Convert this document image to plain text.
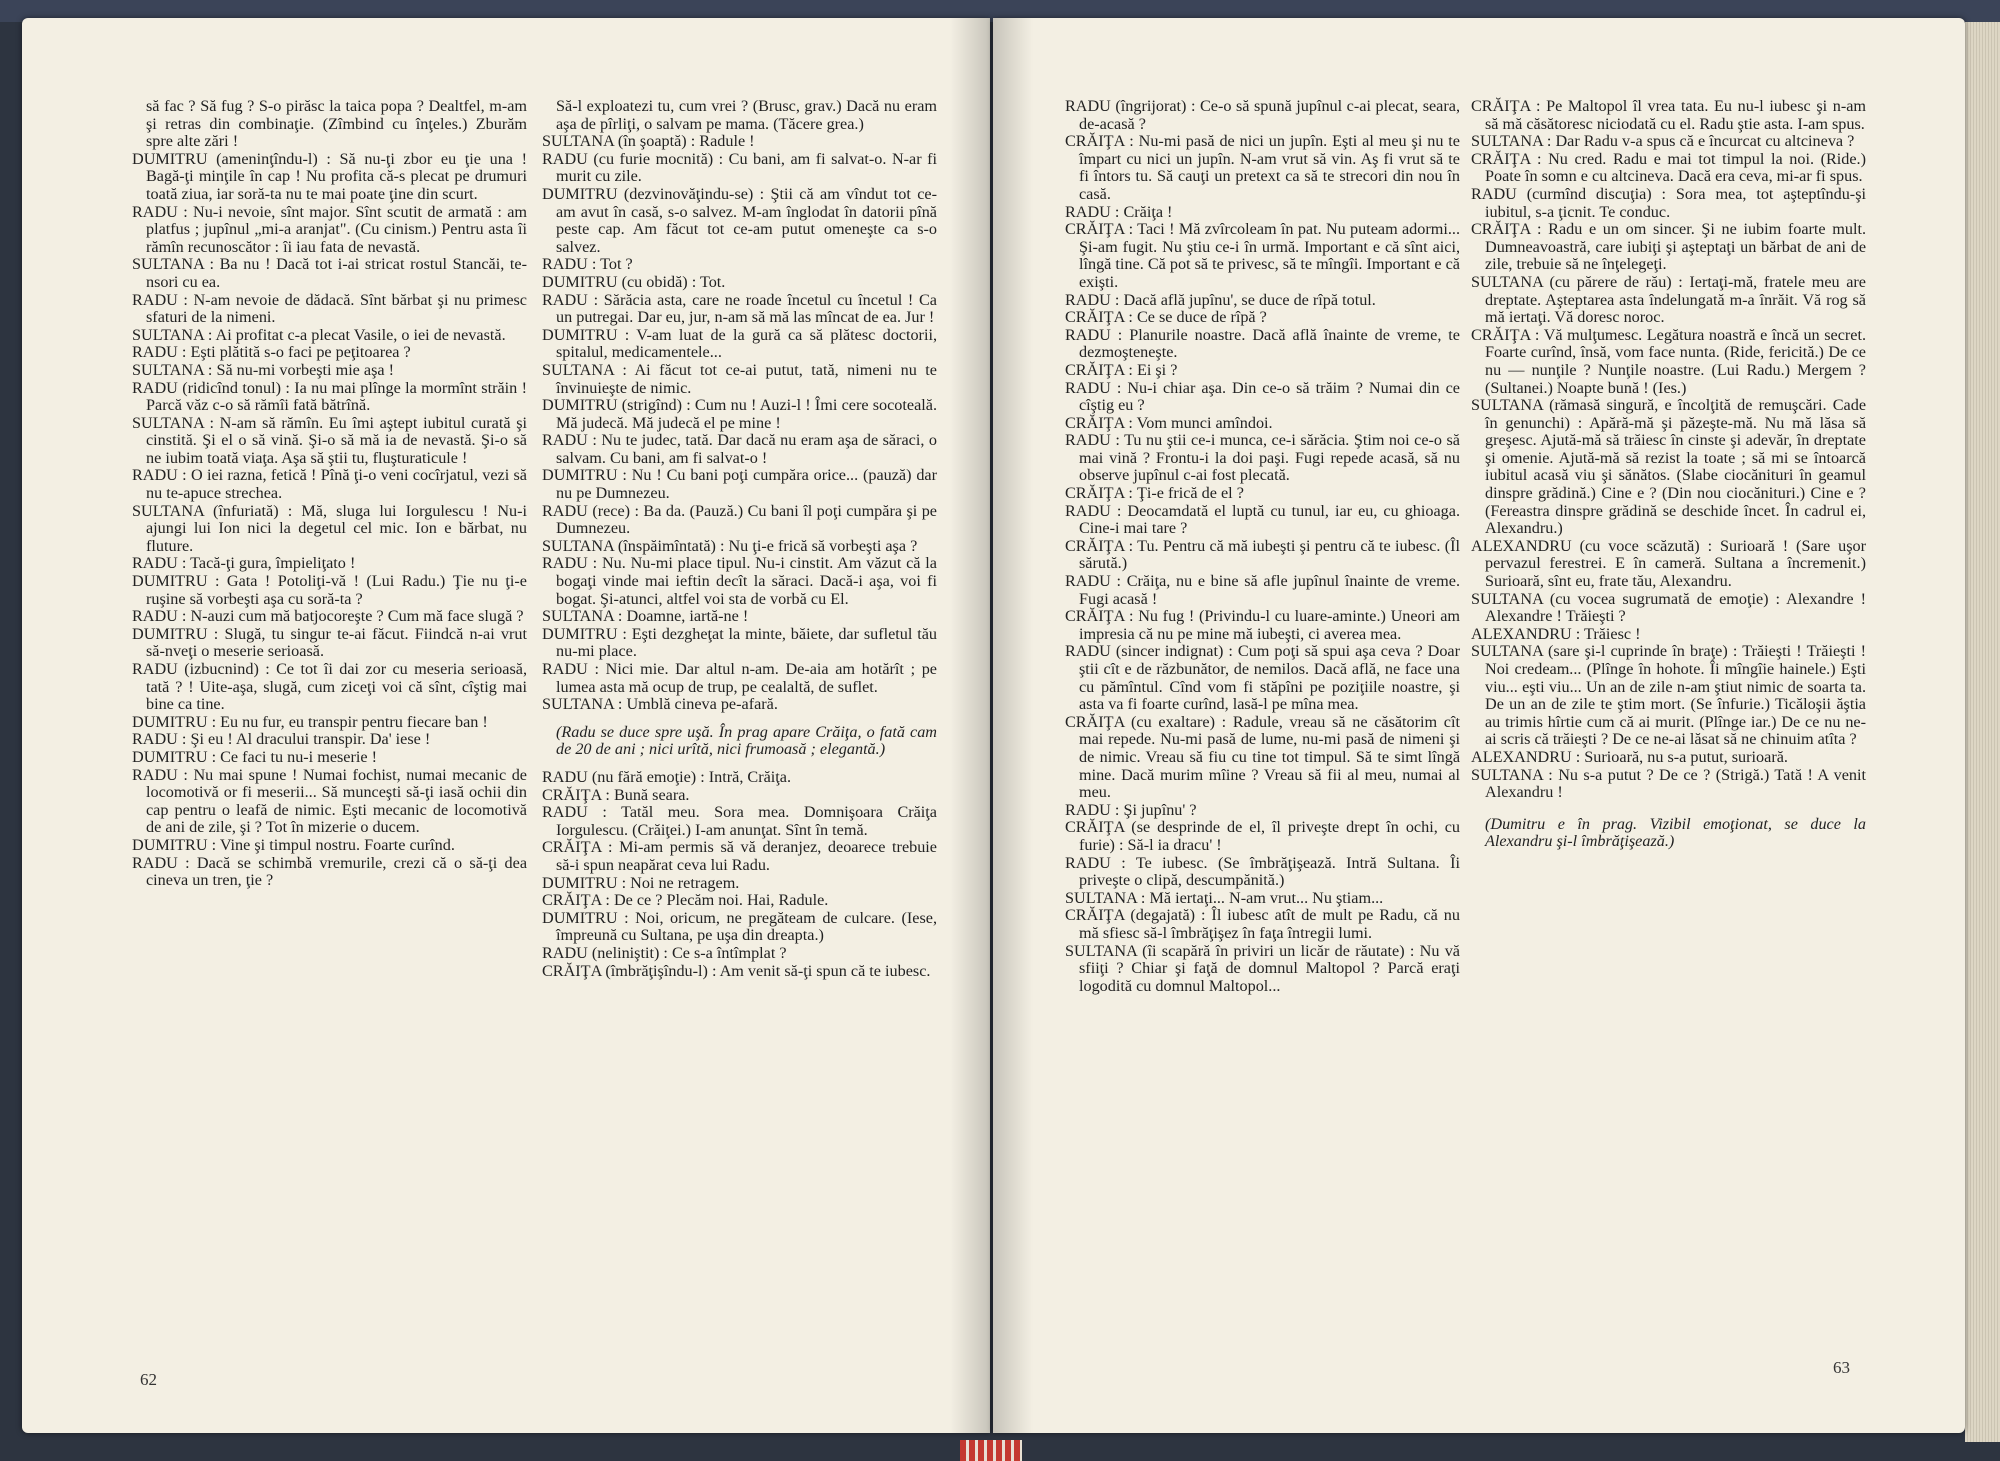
să fac ? Să fug ? S-o pirăsc la taica popa ? Dealtfel, m-am şi retras din combinaţie. (Zîmbind cu înţeles.) Zburăm spre alte zări !

DUMITRU (ameninţîndu-l) : Să nu-ţi zbor eu ţie una ! Bagă-ţi minţile în cap ! Nu profita că-s plecat pe drumuri toată ziua, iar soră-ta nu te mai poate ţine din scurt.

RADU : Nu-i nevoie, sînt major. Sînt scutit de armată : am platfus ; jupînul „mi-a aranjat". (Cu cinism.) Pentru asta îi rămîn recunoscător : îi iau fata de nevastă.

SULTANA : Ba nu ! Dacă tot i-ai stricat rostul Stancăi, te-nsori cu ea.

RADU : N-am nevoie de dădacă. Sînt bărbat şi nu primesc sfaturi de la nimeni.

SULTANA : Ai profitat c-a plecat Vasile, o iei de nevastă.

RADU : Eşti plătită s-o faci pe peţitoarea ?

SULTANA : Să nu-mi vorbeşti mie aşa !

RADU (ridicînd tonul) : Ia nu mai plînge la mormînt străin ! Parcă văz c-o să rămîi fată bătrînă.

SULTANA : N-am să rămîn. Eu îmi aştept iubitul curată şi cinstită. Şi el o să vină. Şi-o să mă ia de nevastă. Şi-o să ne iubim toată viaţa. Aşa să ştii tu, fluşturaticule !

RADU : O iei razna, fetică ! Pînă ţi-o veni cocîrjatul, vezi să nu te-apuce strechea.

SULTANA (înfuriată) : Mă, sluga lui Iorgulescu ! Nu-i ajungi lui Ion nici la degetul cel mic. Ion e bărbat, nu fluture.

RADU : Tacă-ţi gura, împieliţato !

DUMITRU : Gata ! Potoliţi-vă ! (Lui Radu.) Ţie nu ţi-e ruşine să vorbeşti aşa cu soră-ta ?

RADU : N-auzi cum mă batjocoreşte ? Cum mă face slugă ?

DUMITRU : Slugă, tu singur te-ai făcut. Fiindcă n-ai vrut să-nveţi o meserie serioasă.

RADU (izbucnind) : Ce tot îi dai zor cu meseria serioasă, tată ? ! Uite-aşa, slugă, cum ziceţi voi că sînt, cîştig mai bine ca tine.

DUMITRU : Eu nu fur, eu transpir pentru fiecare ban !

RADU : Şi eu ! Al dracului transpir. Da' iese !

DUMITRU : Ce faci tu nu-i meserie !

RADU : Nu mai spune ! Numai fochist, numai mecanic de locomotivă or fi meserii... Să munceşti să-ţi iasă ochii din cap pentru o leafă de nimic. Eşti mecanic de locomotivă de ani de zile, şi ? Tot în mizerie o ducem.

DUMITRU : Vine şi timpul nostru. Foarte curînd.

RADU : Dacă se schimbă vremurile, crezi că o să-ţi dea cineva un tren, ţie ?

Să-l exploatezi tu, cum vrei ? (Brusc, grav.) Dacă nu eram aşa de pîrliţi, o salvam pe mama. (Tăcere grea.)

SULTANA (în şoaptă) : Radule !

RADU (cu furie mocnită) : Cu bani, am fi salvat-o. N-ar fi murit cu zile.

DUMITRU (dezvinovăţindu-se) : Ştii că am vîndut tot ce-am avut în casă, s-o salvez. M-am înglodat în datorii pînă peste cap. Am făcut tot ce-am putut omeneşte ca s-o salvez.

RADU : Tot ?

DUMITRU (cu obidă) : Tot.

RADU : Sărăcia asta, care ne roade încetul cu încetul ! Ca un putregai. Dar eu, jur, n-am să mă las mîncat de ea. Jur !

DUMITRU : V-am luat de la gură ca să plătesc doctorii, spitalul, medicamentele...

SULTANA : Ai făcut tot ce-ai putut, tată, nimeni nu te învinuieşte de nimic.

DUMITRU (strigînd) : Cum nu ! Auzi-l ! Îmi cere socoteală. Mă judecă. Mă judecă el pe mine !

RADU : Nu te judec, tată. Dar dacă nu eram aşa de săraci, o salvam. Cu bani, am fi salvat-o !

DUMITRU : Nu ! Cu bani poţi cumpăra orice... (pauză) dar nu pe Dumnezeu.

RADU (rece) : Ba da. (Pauză.) Cu bani îl poţi cumpăra şi pe Dumnezeu.

SULTANA (înspăimîntată) : Nu ţi-e frică să vorbeşti aşa ?

RADU : Nu. Nu-mi place tipul. Nu-i cinstit. Am văzut că la bogaţi vinde mai ieftin decît la săraci. Dacă-i aşa, voi fi bogat. Şi-atunci, altfel voi sta de vorbă cu El.

SULTANA : Doamne, iartă-ne !

DUMITRU : Eşti dezgheţat la minte, băiete, dar sufletul tău nu-mi place.

RADU : Nici mie. Dar altul n-am. De-aia am hotărît ; pe lumea asta mă ocup de trup, pe cealaltă, de suflet.

SULTANA : Umblă cineva pe-afară.

(Radu se duce spre uşă. În prag apare Crăiţa, o fată cam de 20 de ani ; nici urîtă, nici frumoasă ; elegantă.)

RADU (nu fără emoţie) : Intră, Crăiţa.

CRĂIŢA : Bună seara.

RADU : Tatăl meu. Sora mea. Domnişoara Crăiţa Iorgulescu. (Crăiţei.) I-am anunţat. Sînt în temă.

CRĂIŢA : Mi-am permis să vă deranjez, deoarece trebuie să-i spun neapărat ceva lui Radu.

DUMITRU : Noi ne retragem.

CRĂIŢA : De ce ? Plecăm noi. Hai, Radule.

DUMITRU : Noi, oricum, ne pregăteam de culcare. (Iese, împreună cu Sultana, pe uşa din dreapta.)

RADU (neliniştit) : Ce s-a întîmplat ?

CRĂIŢA (îmbrăţişîndu-l) : Am venit să-ţi spun că te iubesc.

62

RADU (îngrijorat) : Ce-o să spună jupînul c-ai plecat, seara, de-acasă ?

CRĂIŢA : Nu-mi pasă de nici un jupîn. Eşti al meu şi nu te împart cu nici un jupîn. N-am vrut să vin. Aş fi vrut să te fi întors tu. Să cauţi un pretext ca să te strecori din nou în casă.

RADU : Crăiţa !

CRĂIŢA : Taci ! Mă zvîrcoleam în pat. Nu puteam adormi... Şi-am fugit. Nu ştiu ce-i în urmă. Important e că sînt aici, lîngă tine. Că pot să te privesc, să te mîngîi. Important e că exişti.

RADU : Dacă află jupînu', se duce de rîpă totul.

CRĂIŢA : Ce se duce de rîpă ?

RADU : Planurile noastre. Dacă află înainte de vreme, te dezmoşteneşte.

CRĂIŢA : Ei şi ?

RADU : Nu-i chiar aşa. Din ce-o să trăim ? Numai din ce cîştig eu ?

CRĂIŢA : Vom munci amîndoi.

RADU : Tu nu ştii ce-i munca, ce-i sărăcia. Ştim noi ce-o să mai vină ? Frontu-i la doi paşi. Fugi repede acasă, să nu observe jupînul c-ai fost plecată.

CRĂIŢA : Ţi-e frică de el ?

RADU : Deocamdată el luptă cu tunul, iar eu, cu ghioaga. Cine-i mai tare ?

CRĂIŢA : Tu. Pentru că mă iubeşti şi pentru că te iubesc. (Îl sărută.)

RADU : Crăiţa, nu e bine să afle jupînul înainte de vreme. Fugi acasă !

CRĂIŢA : Nu fug ! (Privindu-l cu luare-aminte.) Uneori am impresia că nu pe mine mă iubeşti, ci averea mea.

RADU (sincer indignat) : Cum poţi să spui aşa ceva ? Doar ştii cît e de răzbunător, de nemilos. Dacă află, ne face una cu pămîntul. Cînd vom fi stăpîni pe poziţiile noastre, şi asta va fi foarte curînd, lasă-l pe mîna mea.

CRĂIŢA (cu exaltare) : Radule, vreau să ne căsătorim cît mai repede. Nu-mi pasă de lume, nu-mi pasă de nimeni şi de nimic. Vreau să fiu cu tine tot timpul. Să te simt lîngă mine. Dacă murim mîine ? Vreau să fii al meu, numai al meu.

RADU : Şi jupînu' ?

CRĂIŢA (se desprinde de el, îl priveşte drept în ochi, cu furie) : Să-l ia dracu' !

RADU : Te iubesc. (Se îmbrăţişează. Intră Sultana. Îi priveşte o clipă, descumpănită.)

SULTANA : Mă iertaţi... N-am vrut... Nu ştiam...

CRĂIŢA (degajată) : Îl iubesc atît de mult pe Radu, că nu mă sfiesc să-l îmbrăţişez în faţa întregii lumi.

SULTANA (îi scapără în priviri un licăr de răutate) : Nu vă sfiiţi ? Chiar şi faţă de domnul Maltopol ? Parcă eraţi logodită cu domnul Maltopol...

CRĂIŢA : Pe Maltopol îl vrea tata. Eu nu-l iubesc şi n-am să mă căsătoresc niciodată cu el. Radu ştie asta. I-am spus.

SULTANA : Dar Radu v-a spus că e încurcat cu altcineva ?

CRĂIŢA : Nu cred. Radu e mai tot timpul la noi. (Ride.) Poate în somn e cu altcineva. Dacă era ceva, mi-ar fi spus.

RADU (curmînd discuţia) : Sora mea, tot aşteptîndu-şi iubitul, s-a ţicnit. Te conduc.

CRĂIŢA : Radu e un om sincer. Şi ne iubim foarte mult. Dumneavoastră, care iubiţi şi aşteptaţi un bărbat de ani de zile, trebuie să ne înţelegeţi.

SULTANA (cu părere de rău) : Iertaţi-mă, fratele meu are dreptate. Aşteptarea asta îndelungată m-a înrăit. Vă rog să mă iertaţi. Vă doresc noroc.

CRĂIŢA : Vă mulţumesc. Legătura noastră e încă un secret. Foarte curînd, însă, vom face nunta. (Ride, fericită.) De ce nu — nunţile ? Nunţile noastre. (Lui Radu.) Mergem ? (Sultanei.) Noapte bună ! (Ies.)

SULTANA (rămasă singură, e încolţită de remuşcări. Cade în genunchi) : Apără-mă şi păzeşte-mă. Nu mă lăsa să greşesc. Ajută-mă să trăiesc în cinste şi adevăr, în dreptate şi omenie. Ajută-mă să rezist la toate ; să mi se întoarcă iubitul acasă viu şi sănătos. (Slabe ciocănituri în geamul dinspre grădină.) Cine e ? (Din nou ciocănituri.) Cine e ? (Fereastra dinspre grădină se deschide încet. În cadrul ei, Alexandru.)

ALEXANDRU (cu voce scăzută) : Surioară ! (Sare uşor pervazul ferestrei. E în cameră. Sultana a încremenit.) Surioară, sînt eu, frate tău, Alexandru.

SULTANA (cu vocea sugrumată de emoţie) : Alexandre ! Alexandre ! Trăieşti ?

ALEXANDRU : Trăiesc !

SULTANA (sare şi-l cuprinde în braţe) : Trăieşti ! Trăieşti ! Noi credeam... (Plînge în hohote. Îi mîngîie hainele.) Eşti viu... eşti viu... Un an de zile n-am ştiut nimic de soarta ta. De un an de zile te ştim mort. (Se înfurie.) Ticăloşii ăştia au trimis hîrtie cum că ai murit. (Plînge iar.) De ce nu ne-ai scris că trăieşti ? De ce ne-ai lăsat să ne chinuim atîta ?

ALEXANDRU : Surioară, nu s-a putut, surioară.

SULTANA : Nu s-a putut ? De ce ? (Strigă.) Tată ! A venit Alexandru !

(Dumitru e în prag. Vizibil emoţionat, se duce la Alexandru şi-l îmbrăţişează.)

63
